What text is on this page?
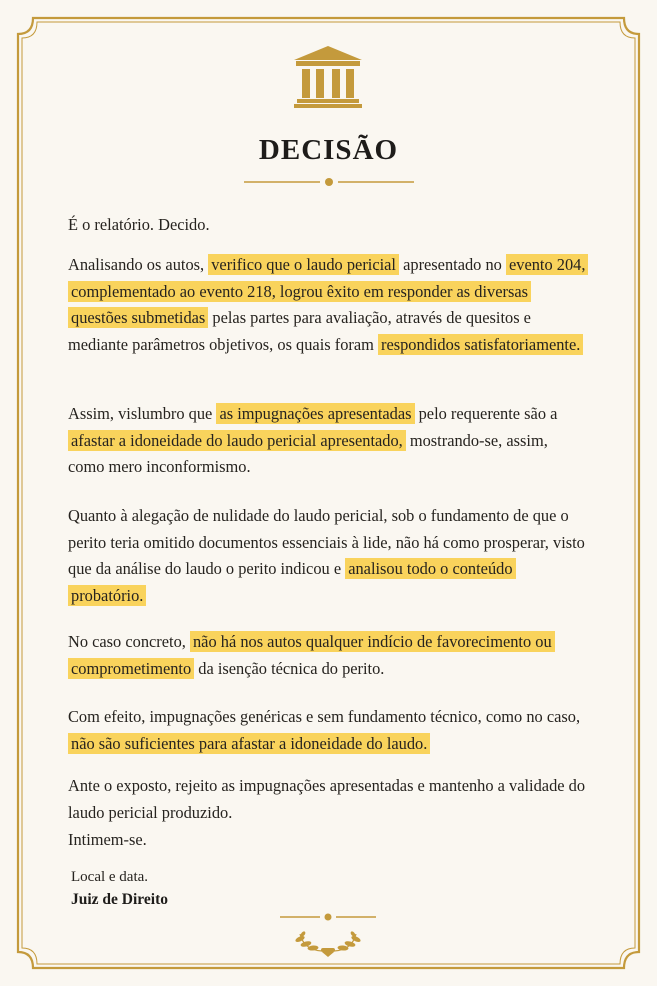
DECISÃO
É o relatório. Decido.
Analisando os autos, verifico que o laudo pericial apresentado no evento 204, complementado ao evento 218, logrou êxito em responder as diversas questões submetidas pelas partes para avaliação, através de quesitos e mediante parâmetros objetivos, os quais foram respondidos satisfatoriamente.
Assim, vislumbro que as impugnações apresentadas pelo requerente são a afastar a idoneidade do laudo pericial apresentado, mostrando-se, assim, como mero inconformismo.
Quanto à alegação de nulidade do laudo pericial, sob o fundamento de que o perito teria omitido documentos essenciais à lide, não há como prosperar, visto que da análise do laudo o perito indicou e analisou todo o conteúdo probatório.
No caso concreto, não há nos autos qualquer indício de favorecimento ou comprometimento da isenção técnica do perito.
Com efeito, impugnações genéricas e sem fundamento técnico, como no caso, não são suficientes para afastar a idoneidade do laudo.
Ante o exposto, rejeito as impugnações apresentadas e mantenho a validade do laudo pericial produzido.
Intimem-se.
Local e data.
Juiz de Direito
